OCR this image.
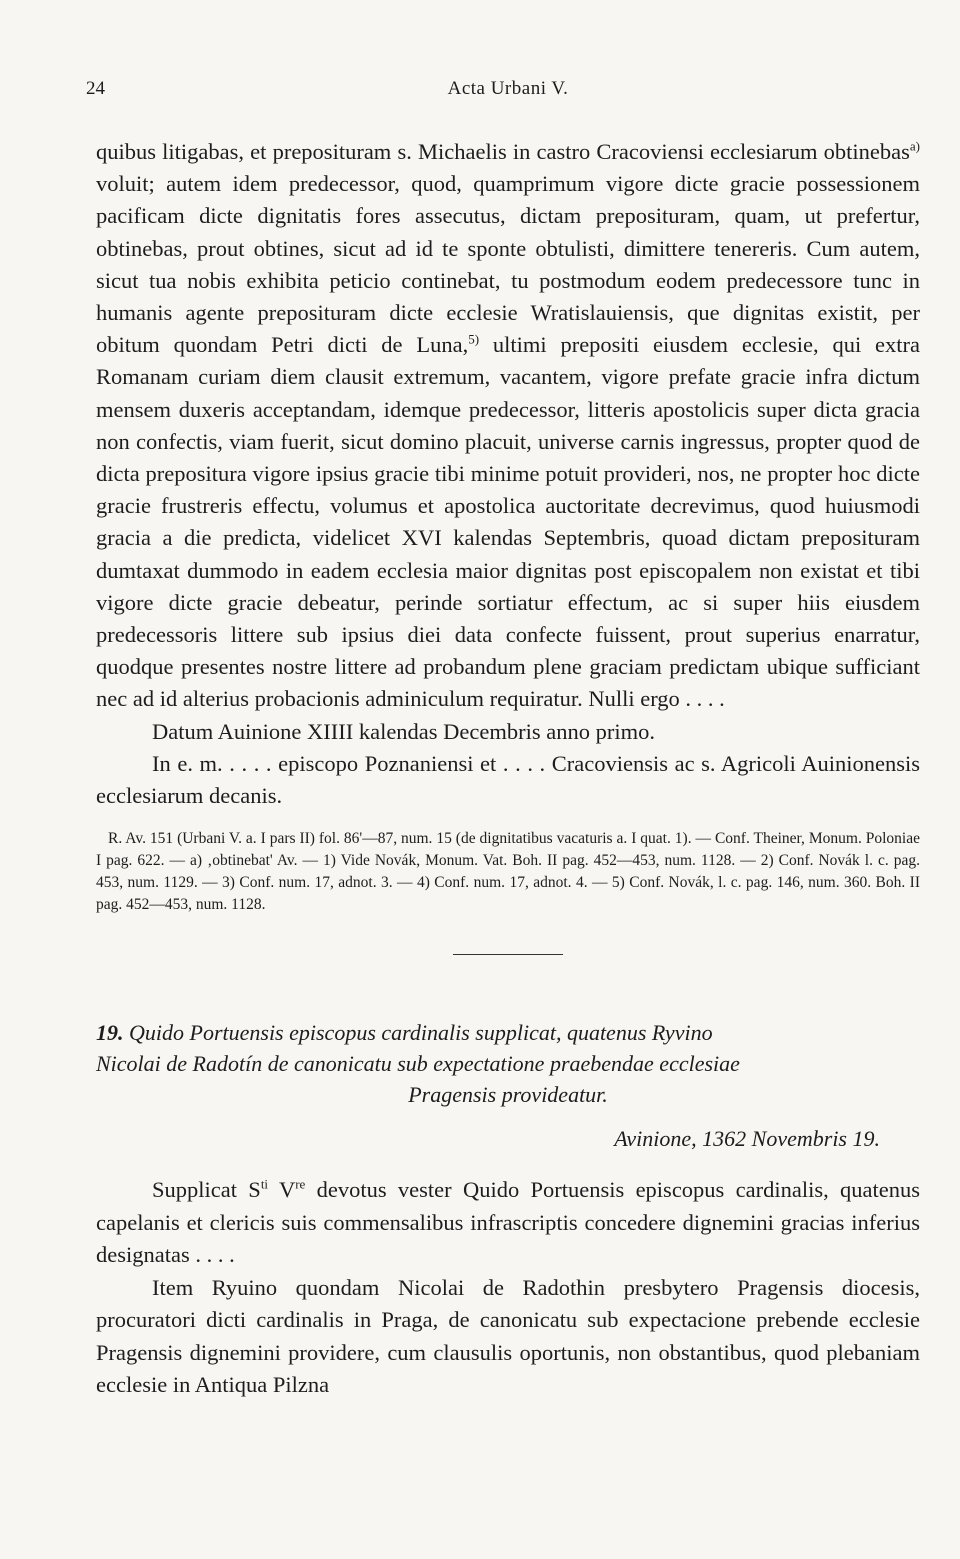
24	Acta Urbani V.

quibus litigabas, et preposituram s. Michaelis in castro Cracoviensi ecclesiarum obtinebas$^{a)}$ voluit; autem idem predecessor, quod, quamprimum vigore dicte gracie possessionem pacificam dicte dignitatis fores assecutus, dictam preposituram, quam, ut prefertur, obtinebas, prout obtines, sicut ad id te sponte obtulisti, dimittere tenereris. Cum autem, sicut tua nobis exhibita peticio continebat, tu postmodum eodem predecessore tunc in humanis agente preposituram dicte ecclesie Wratislauiensis, que dignitas existit, per obitum quondam Petri dicti de Luna,$^{5)}$ ultimi prepositi eiusdem ecclesie, qui extra Romanam curiam diem clausit extremum, vacantem, vigore prefate gracie infra dictum mensem duxeris acceptandam, idemque predecessor, litteris apostolicis super dicta gracia non confectis, viam fuerit, sicut domino placuit, universe carnis ingressus, propter quod de dicta prepositura vigore ipsius gracie tibi minime potuit provideri, nos, ne propter hoc dicte gracie frustreris effectu, volumus et apostolica auctoritate decrevimus, quod huiusmodi gracia a die predicta, videlicet XVI kalendas Septembris, quoad dictam preposituram dumtaxat dummodo in eadem ecclesia maior dignitas post episcopalem non existat et tibi vigore dicte gracie debeatur, perinde sortiatur effectum, ac si super hiis eiusdem predecessoris littere sub ipsius diei data confecte fuissent, prout superius enarratur, quodque presentes nostre littere ad probandum plene graciam predictam ubique sufficiant nec ad id alterius probacionis adminiculum requiratur. Nulli ergo . . . .

Datum Auinione XIIII kalendas Decembris anno primo.

In e. m. . . . . episcopo Poznaniensi et . . . . Cracoviensis ac s. Agricoli Auinionensis ecclesiarum decanis.

R. Av. 151 (Urbani V. a. I pars II) fol. 86'—87, num. 15 (de dignitatibus vacaturis a. I quat. 1). — Conf. Theiner, Monum. Poloniae I pag. 622. — a) ‚obtinebat' Av. — 1) Vide Novák, Monum. Vat. Boh. II pag. 452—453, num. 1128. — 2) Conf. Novák l. c. pag. 453, num. 1129. — 3) Conf. num. 17, adnot. 3. — 4) Conf. num. 17, adnot. 4. — 5) Conf. Novák, l. c. pag. 146, num. 360. Boh. II pag. 452—453, num. 1128.

19. Quido Portuensis episcopus cardinalis supplicat, quatenus Ryvino
Nicolai de Radotín de canonicatu sub expectatione praebendae ecclesiae
Pragensis provideatur.
Avinione, 1362 Novembris 19.

Supplicat $S^{ti}$ Vre devotus vester Quido Portuensis episcopus cardinalis, quatenus capelanis et clericis suis commensalibus infrascriptis concedere dignemini gracias inferius designatas . . . .

Item Ryuino quondam Nicolai de Radothin presbytero Pragensis diocesis, procuratori dicti cardinalis in Praga, de canonicatu sub expectacione prebende ecclesie Pragensis dignemini providere, cum clausulis oportunis, non obstantibus, quod plebaniam ecclesie in Antiqua Pilzna
